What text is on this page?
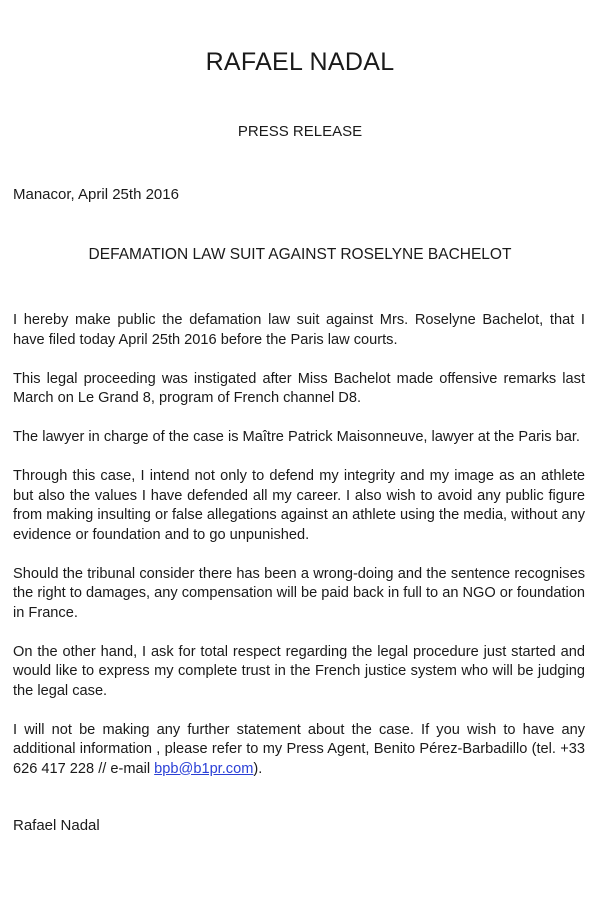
RAFAEL NADAL
PRESS RELEASE
Manacor, April 25th 2016
DEFAMATION LAW SUIT AGAINST ROSELYNE BACHELOT

I hereby make public the defamation law suit against Mrs. Roselyne Bachelot, that I have filed today April 25th 2016 before the Paris law courts.

This legal proceeding was instigated after Miss Bachelot made offensive remarks last March on Le Grand 8, program of French channel D8.

The lawyer in charge of the case is Maître Patrick Maisonneuve, lawyer at the Paris bar.

Through this case, I intend not only to defend my integrity and my image as an athlete but also the values I have defended all my career. I also wish to avoid any public figure from making insulting or false allegations against an athlete using the media, without any evidence or foundation and to go unpunished.

Should the tribunal consider there has been a wrong-doing and the sentence recognises the right to damages, any compensation will be paid back in full to an NGO or foundation in France.

On the other hand, I ask for total respect regarding the legal procedure just started and would like to express my complete trust in the French justice system who will be judging the legal case.

I will not be making any further statement about the case. If you wish to have any additional information , please refer to my Press Agent, Benito Pérez-Barbadillo (tel. +33 626 417 228 // e-mail bpb@b1pr.com).

Rafael Nadal
